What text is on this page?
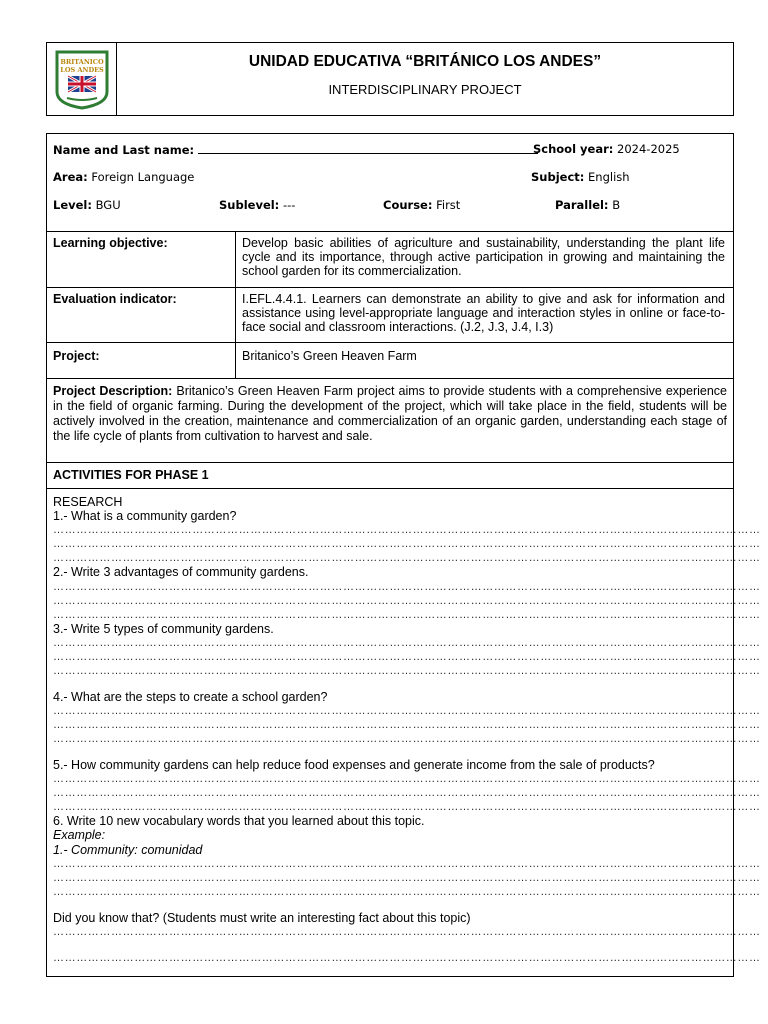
BRITANICO
LOS ANDES	UNIDAD EDUCATIVA “BRITÁNICO LOS ANDES”
INTERDISCIPLINARY PROJECT
Name and Last name:	School year: 2024-2025
Area: Foreign Language	Subject: English
Level: BGU	Sublevel: ---	Course: First	Parallel: B
Learning objective:	Develop basic abilities of agriculture and sustainability, understanding the plant life cycle and its importance, through active participation in growing and maintaining the school garden for its commercialization.
Evaluation indicator:	I.EFL.4.4.1. Learners can demonstrate an ability to give and ask for information and assistance using level-appropriate language and interaction styles in online or face-to-face social and classroom interactions. (J.2, J.3, J.4, I.3)
Project:	Britanico’s Green Heaven Farm
Project Description: Britanico’s Green Heaven Farm project aims to provide students with a comprehensive experience in the field of organic farming. During the development of the project, which will take place in the field, students will be actively involved in the creation, maintenance and commercialization of an organic garden, understanding each stage of the life cycle of plants from cultivation to harvest and sale.
ACTIVITIES FOR PHASE 1
RESEARCH
1.- What is a community garden?
…………………………………………………………………………………………………………………………………………………………………
…………………………………………………………………………………………………………………………………………………………………
…………………………………………………………………………………………………………………………………………………………………
2.- Write 3 advantages of community gardens.
…………………………………………………………………………………………………………………………………………………………………
…………………………………………………………………………………………………………………………………………………………………
…………………………………………………………………………………………………………………………………………………………………
3.- Write 5 types of community gardens.
…………………………………………………………………………………………………………………………………………………………………
…………………………………………………………………………………………………………………………………………………………………
…………………………………………………………………………………………………………………………………………………………………
4.- What are the steps to create a school garden?
…………………………………………………………………………………………………………………………………………………………………
…………………………………………………………………………………………………………………………………………………………………
…………………………………………………………………………………………………………………………………………………………………
5.- How community gardens can help reduce food expenses and generate income from the sale of products?
…………………………………………………………………………………………………………………………………………………………………
…………………………………………………………………………………………………………………………………………………………………
…………………………………………………………………………………………………………………………………………………………………
6. Write 10 new vocabulary words that you learned about this topic.
Example:
1.- Community: comunidad
…………………………………………………………………………………………………………………………………………………………………
…………………………………………………………………………………………………………………………………………………………………
…………………………………………………………………………………………………………………………………………………………………
Did you know that? (Students must write an interesting fact about this topic)
…………………………………………………………………………………………………………………………………………………………………
…………………………………………………………………………………………………………………………………………………………………
